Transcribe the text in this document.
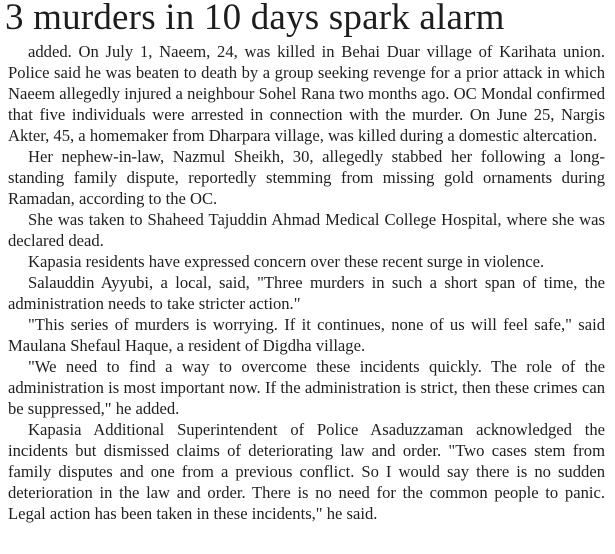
3 murders in 10 days spark alarm

added. On July 1, Naeem, 24, was killed in Behai Duar village of Karihata union. Police said he was beaten to death by a group seeking revenge for a prior attack in which Naeem allegedly injured a neighbour Sohel Rana two months ago. OC Mondal confirmed that five individuals were arrested in connection with the murder. On June 25, Nargis Akter, 45, a homemaker from Dharpara village, was killed during a domestic altercation.

Her nephew-in-law, Nazmul Sheikh, 30, allegedly stabbed her following a long-standing family dispute, reportedly stemming from missing gold ornaments during Ramadan, according to the OC.

She was taken to Shaheed Tajuddin Ahmad Medical College Hospital, where she was declared dead.

Kapasia residents have expressed concern over these recent surge in violence.

Salauddin Ayyubi, a local, said, "Three murders in such a short span of time, the administration needs to take stricter action."

"This series of murders is worrying. If it continues, none of us will feel safe," said Maulana Shefaul Haque, a resident of Digdha village.

"We need to find a way to overcome these incidents quickly. The role of the administration is most important now. If the administration is strict, then these crimes can be suppressed," he added.

Kapasia Additional Superintendent of Police Asaduzzaman acknowledged the incidents but dismissed claims of deteriorating law and order. "Two cases stem from family disputes and one from a previous conflict. So I would say there is no sudden deterioration in the law and order. There is no need for the common people to panic. Legal action has been taken in these incidents," he said.
